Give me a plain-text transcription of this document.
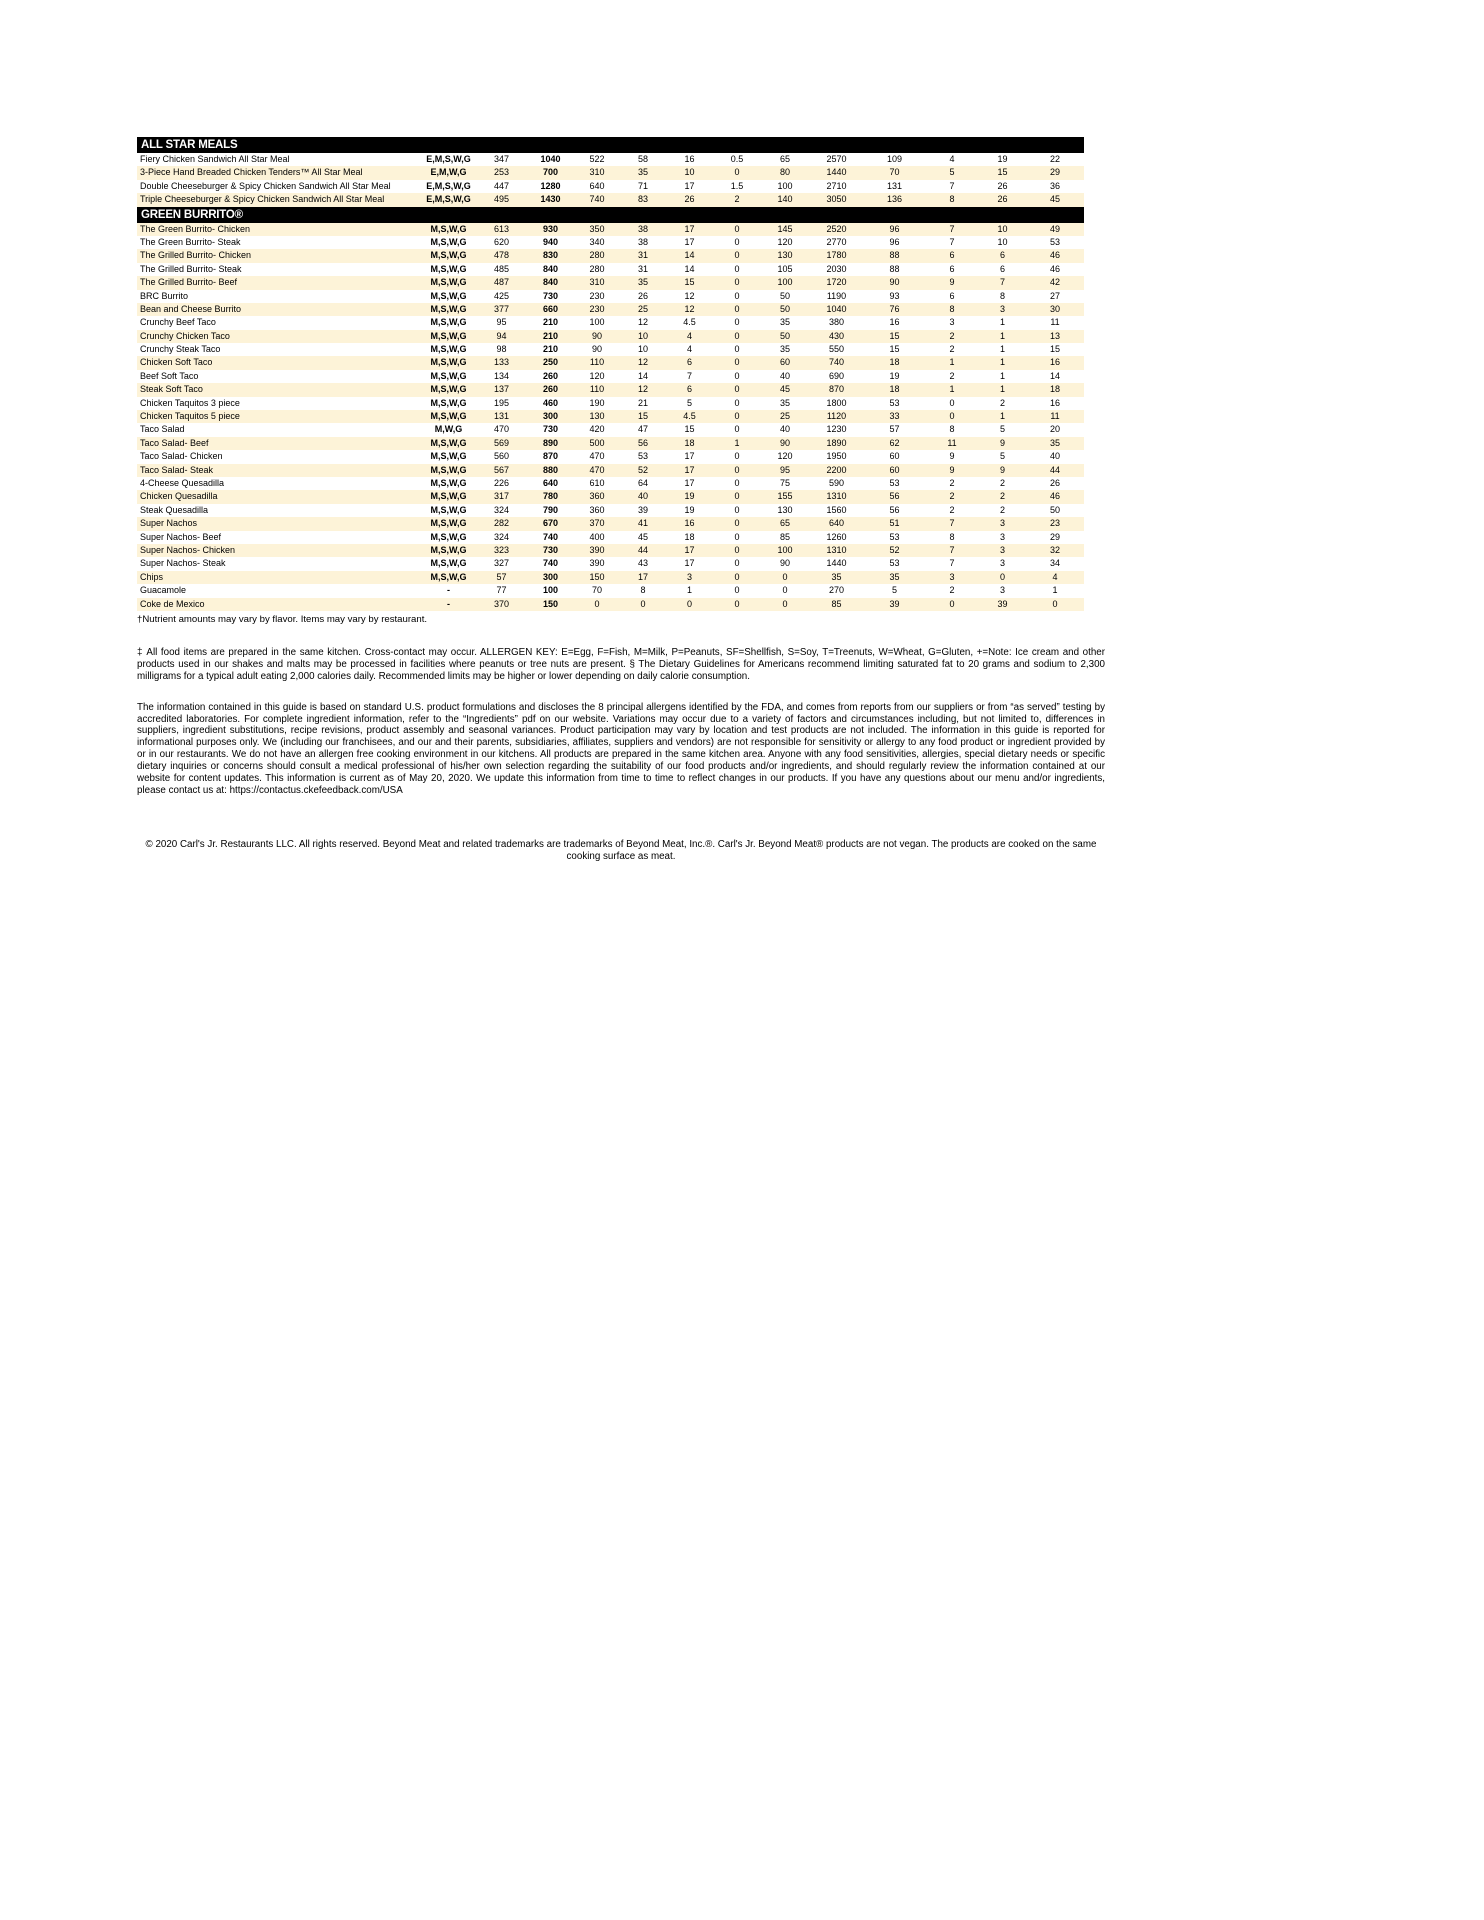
ALL STAR MEALS
Fiery Chicken Sandwich All Star Meal	E,M,S,W,G	347	1040	522	58	16	0.5	65	2570	109	4	19	22
3-Piece Hand Breaded Chicken Tenders™ All Star Meal	E,M,W,G	253	700	310	35	10	0	80	1440	70	5	15	29
Double Cheeseburger & Spicy Chicken Sandwich All Star Meal	E,M,S,W,G	447	1280	640	71	17	1.5	100	2710	131	7	26	36
Triple Cheeseburger & Spicy Chicken Sandwich All Star Meal	E,M,S,W,G	495	1430	740	83	26	2	140	3050	136	8	26	45
GREEN BURRITO®
The Green Burrito- Chicken	M,S,W,G	613	930	350	38	17	0	145	2520	96	7	10	49
The Green Burrito- Steak	M,S,W,G	620	940	340	38	17	0	120	2770	96	7	10	53
The Grilled Burrito- Chicken	M,S,W,G	478	830	280	31	14	0	130	1780	88	6	6	46
The Grilled Burrito- Steak	M,S,W,G	485	840	280	31	14	0	105	2030	88	6	6	46
The Grilled Burrito- Beef	M,S,W,G	487	840	310	35	15	0	100	1720	90	9	7	42
BRC Burrito	M,S,W,G	425	730	230	26	12	0	50	1190	93	6	8	27
Bean and Cheese Burrito	M,S,W,G	377	660	230	25	12	0	50	1040	76	8	3	30
Crunchy Beef Taco	M,S,W,G	95	210	100	12	4.5	0	35	380	16	3	1	11
Crunchy Chicken Taco	M,S,W,G	94	210	90	10	4	0	50	430	15	2	1	13
Crunchy Steak Taco	M,S,W,G	98	210	90	10	4	0	35	550	15	2	1	15
Chicken Soft Taco	M,S,W,G	133	250	110	12	6	0	60	740	18	1	1	16
Beef Soft Taco	M,S,W,G	134	260	120	14	7	0	40	690	19	2	1	14
Steak Soft Taco	M,S,W,G	137	260	110	12	6	0	45	870	18	1	1	18
Chicken Taquitos 3 piece	M,S,W,G	195	460	190	21	5	0	35	1800	53	0	2	16
Chicken Taquitos 5 piece	M,S,W,G	131	300	130	15	4.5	0	25	1120	33	0	1	11
Taco Salad	M,W,G	470	730	420	47	15	0	40	1230	57	8	5	20
Taco Salad- Beef	M,S,W,G	569	890	500	56	18	1	90	1890	62	11	9	35
Taco Salad- Chicken	M,S,W,G	560	870	470	53	17	0	120	1950	60	9	5	40
Taco Salad- Steak	M,S,W,G	567	880	470	52	17	0	95	2200	60	9	9	44
4-Cheese Quesadilla	M,S,W,G	226	640	610	64	17	0	75	590	53	2	2	26
Chicken Quesadilla	M,S,W,G	317	780	360	40	19	0	155	1310	56	2	2	46
Steak Quesadilla	M,S,W,G	324	790	360	39	19	0	130	1560	56	2	2	50
Super Nachos	M,S,W,G	282	670	370	41	16	0	65	640	51	7	3	23
Super Nachos- Beef	M,S,W,G	324	740	400	45	18	0	85	1260	53	8	3	29
Super Nachos- Chicken	M,S,W,G	323	730	390	44	17	0	100	1310	52	7	3	32
Super Nachos- Steak	M,S,W,G	327	740	390	43	17	0	90	1440	53	7	3	34
Chips	M,S,W,G	57	300	150	17	3	0	0	35	35	3	0	4
Guacamole	-	77	100	70	8	1	0	0	270	5	2	3	1
Coke de Mexico	-	370	150	0	0	0	0	0	85	39	0	39	0
†Nutrient amounts may vary by flavor. Items may vary by restaurant.
‡ All food items are prepared in the same kitchen. Cross-contact may occur. ALLERGEN KEY: E=Egg, F=Fish, M=Milk, P=Peanuts, SF=Shellfish, S=Soy, T=Treenuts, W=Wheat, G=Gluten, +=Note: Ice cream and other products used in our shakes and malts may be processed in facilities where peanuts or tree nuts are present. § The Dietary Guidelines for Americans recommend limiting saturated fat to 20 grams and sodium to 2,300 milligrams for a typical adult eating 2,000 calories daily. Recommended limits may be higher or lower depending on daily calorie consumption.
The information contained in this guide is based on standard U.S. product formulations and discloses the 8 principal allergens identified by the FDA, and comes from reports from our suppliers or from “as served” testing by accredited laboratories. For complete ingredient information, refer to the “Ingredients” pdf on our website. Variations may occur due to a variety of factors and circumstances including, but not limited to, differences in suppliers, ingredient substitutions, recipe revisions, product assembly and seasonal variances. Product participation may vary by location and test products are not included. The information in this guide is reported for informational purposes only. We (including our franchisees, and our and their parents, subsidiaries, affiliates, suppliers and vendors) are not responsible for sensitivity or allergy to any food product or ingredient provided by or in our restaurants. We do not have an allergen free cooking environment in our kitchens. All products are prepared in the same kitchen area. Anyone with any food sensitivities, allergies, special dietary needs or specific dietary inquiries or concerns should consult a medical professional of his/her own selection regarding the suitability of our food products and/or ingredients, and should regularly review the information contained at our website for content updates. This information is current as of May 20, 2020. We update this information from time to time to reflect changes in our products. If you have any questions about our menu and/or ingredients, please contact us at: https://contactus.ckefeedback.com/USA
© 2020 Carl's Jr. Restaurants LLC. All rights reserved. Beyond Meat and related trademarks are trademarks of Beyond Meat, Inc.®. Carl's Jr. Beyond Meat® products are not vegan. The products are cooked on the same cooking surface as meat.
